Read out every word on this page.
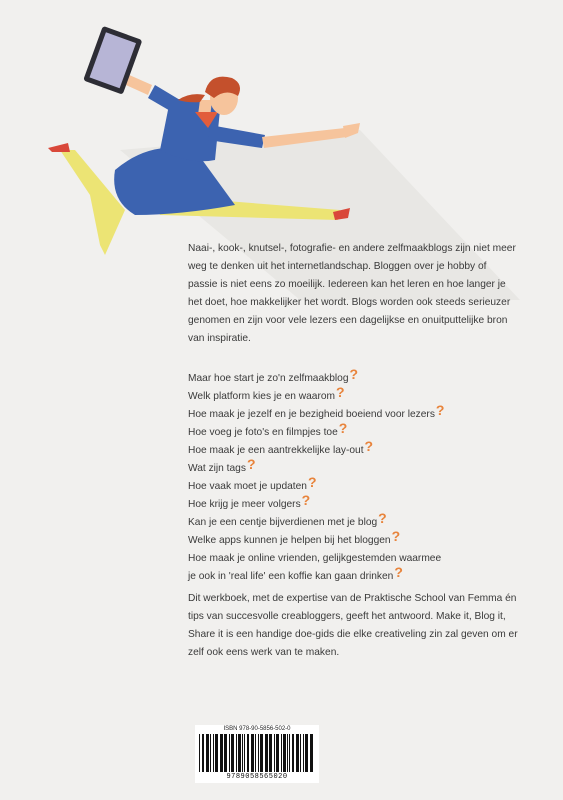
Naai-, kook-, knutsel-, fotografie- en andere zelfmaakblogs zijn niet meer weg te denken uit het internetlandschap. Bloggen over je hobby of passie is niet eens zo moeilijk. Iedereen kan het leren en hoe langer je het doet, hoe makkelijker het wordt. Blogs worden ook steeds serieuzer genomen en zijn voor vele lezers een dagelijkse en onuitputtelijke bron van inspiratie.

Maar hoe start je zo'n zelfmaakblog?
Welk platform kies je en waarom?
Hoe maak je jezelf en je bezigheid boeiend voor lezers?
Hoe voeg je foto's en filmpjes toe?
Hoe maak je een aantrekkelijke lay-out?
Wat zijn tags?
Hoe vaak moet je updaten?
Hoe krijg je meer volgers?
Kan je een centje bijverdienen met je blog?
Welke apps kunnen je helpen bij het bloggen?
Hoe maak je online vrienden, gelijkgestemden waarmee
je ook in 'real life' een koffie kan gaan drinken?

Dit werkboek, met de expertise van de Praktische School van Femma én tips van succesvolle creabloggers, geeft het antwoord. Make it, Blog it, Share it is een handige doe-gids die elke creativeling zin zal geven om er zelf ook eens werk van te maken.

ISBN 978-90-5856-502-0
9789058565020
